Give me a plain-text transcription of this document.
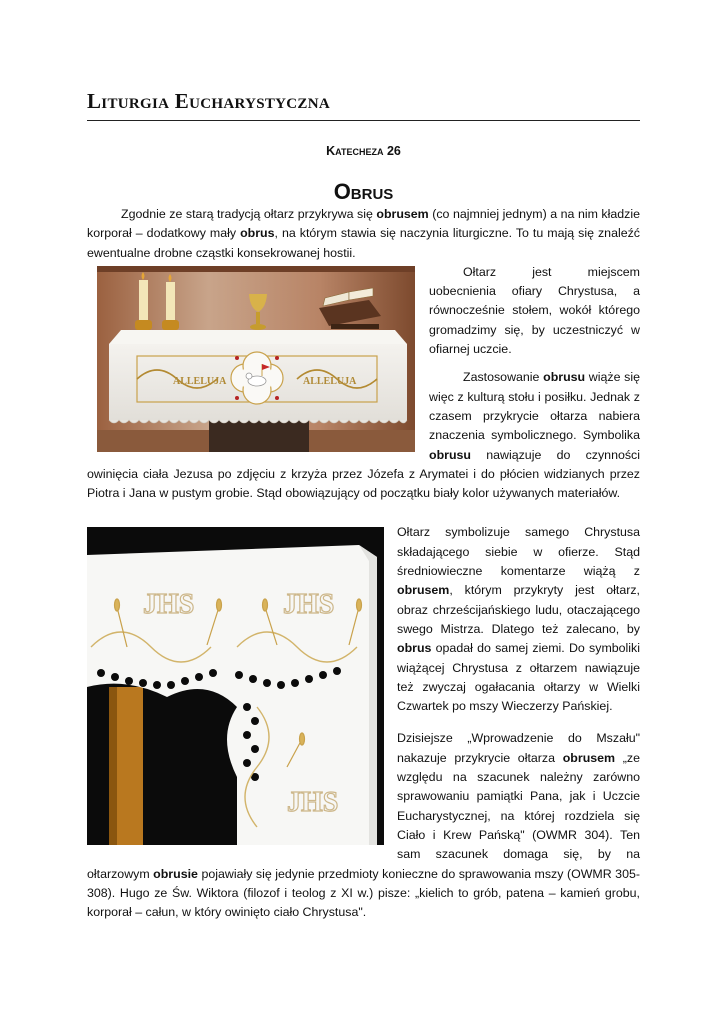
Liturgia Eucharystyczna
Katecheza 26
Obrus

Zgodnie ze starą tradycją ołtarz przykrywa się obrusem (co najmniej jednym) a na nim kładzie korporał – dodatkowy mały obrus, na którym stawia się naczynia liturgiczne. To tu mają się znaleźć ewentualne drobne cząstki konsekrowanej hostii.

ALLELUJA	ALLELUJA

Ołtarz jest miejscem uobecnienia ofiary Chrystusa, a równocześnie stołem, wokół którego gromadzimy się, by uczestniczyć w ofiarnej uczcie.

Zastosowanie obrusu wiąże się więc z kulturą stołu i posiłku. Jednak z czasem przykrycie ołtarza nabiera znaczenia symbolicznego. Symbolika obrusu nawiązuje do czynności owinięcia ciała Jezusa po zdjęciu z krzyża przez Józefa z Arymatei i do płócien widzianych przez Piotra i Jana w pustym grobie. Stąd obowiązujący od początku biały kolor używanych materiałów.

JHS	JHS
JHS

Ołtarz symbolizuje samego Chrystusa składającego siebie w ofierze. Stąd średniowieczne komentarze wiążą z obrusem, którym przykryty jest ołtarz, obraz chrześcijańskiego ludu, otaczającego swego Mistrza. Dlatego też zalecano, by obrus opadał do samej ziemi. Do symboliki wiążącej Chrystusa z ołtarzem nawiązuje też zwyczaj ogałacania ołtarzy w Wielki Czwartek po mszy Wieczerzy Pańskiej.

Dzisiejsze „Wprowadzenie do Mszału" nakazuje przykrycie ołtarza obrusem „ze względu na szacunek należny zarówno sprawowaniu pamiątki Pana, jak i Uczcie Eucharystycznej, na której rozdziela się Ciało i Krew Pańską" (OWMR 304). Ten sam szacunek domaga się, by na ołtarzowym obrusie pojawiały się jedynie przedmioty konieczne do sprawowania mszy (OWMR 305-308). Hugo ze Św. Wiktora (filozof i teolog z XI w.) pisze: „kielich to grób, patena – kamień grobu, korporał – całun, w który owinięto ciało Chrystusa".
